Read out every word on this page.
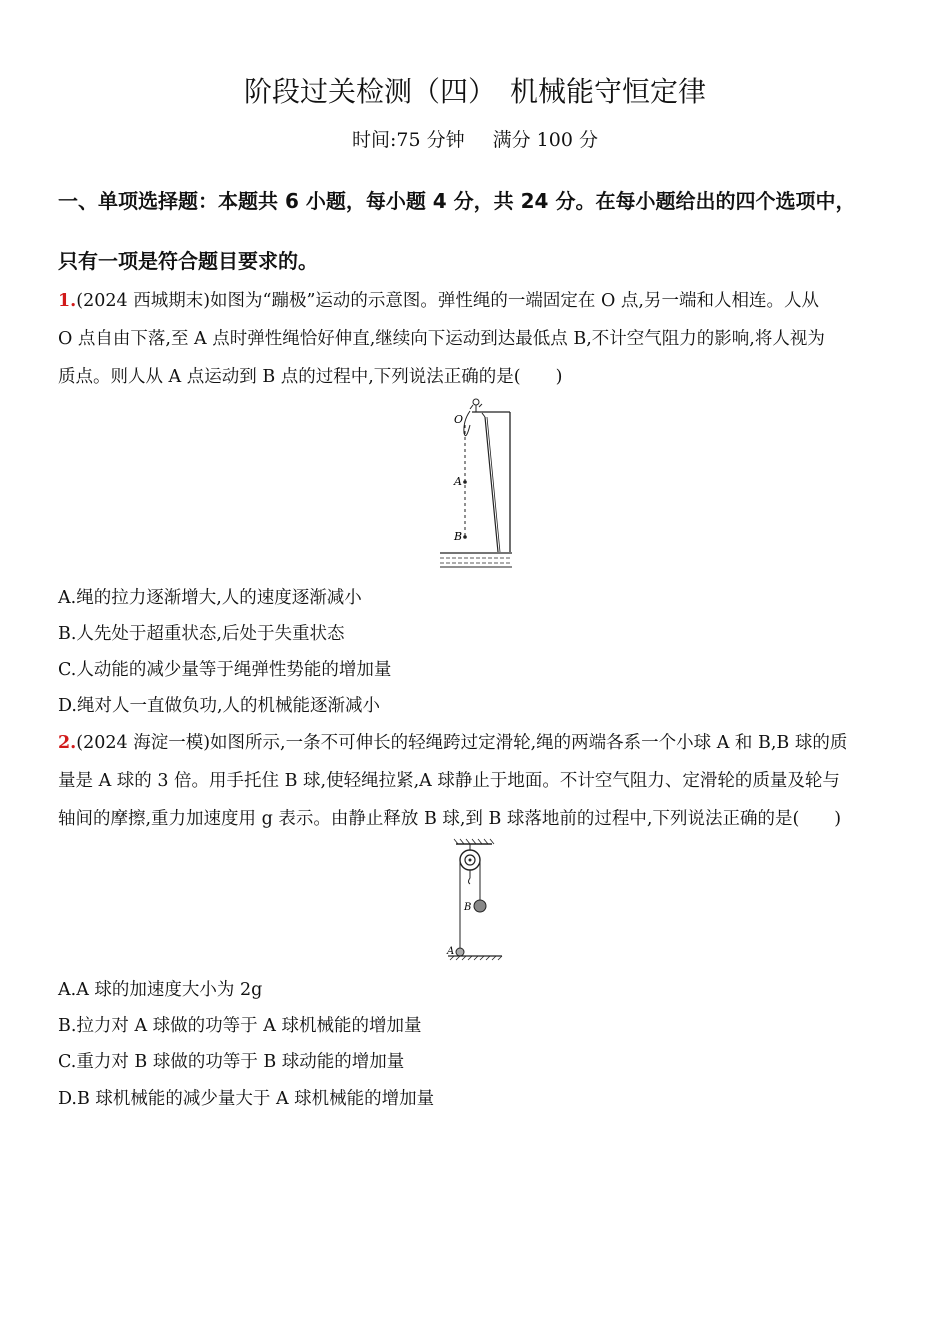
阶段过关检测（四）　机械能守恒定律
时间:75 分钟 满分 100 分
一、单项选择题：本题共 6 小题，每小题 4 分，共 24 分。在每小题给出的四个选项中，
只有一项是符合题目要求的。
1.(2024 西城期末)如图为“蹦极”运动的示意图。弹性绳的一端固定在 O 点,另一端和人相连。人从
O 点自由下落,至 A 点时弹性绳恰好伸直,继续向下运动到达最低点 B,不计空气阻力的影响,将人视为
质点。则人从 A 点运动到 B 点的过程中,下列说法正确的是(　　)
O
A
B
A.绳的拉力逐渐增大,人的速度逐渐减小
B.人先处于超重状态,后处于失重状态
C.人动能的减少量等于绳弹性势能的增加量
D.绳对人一直做负功,人的机械能逐渐减小
2.(2024 海淀一模)如图所示,一条不可伸长的轻绳跨过定滑轮,绳的两端各系一个小球 A 和 B,B 球的质
量是 A 球的 3 倍。用手托住 B 球,使轻绳拉紧,A 球静止于地面。不计空气阻力、定滑轮的质量及轮与
轴间的摩擦,重力加速度用 g 表示。由静止释放 B 球,到 B 球落地前的过程中,下列说法正确的是(　　)
B
A
A.A 球的加速度大小为 2g
B.拉力对 A 球做的功等于 A 球机械能的增加量
C.重力对 B 球做的功等于 B 球动能的增加量
D.B 球机械能的减少量大于 A 球机械能的增加量
